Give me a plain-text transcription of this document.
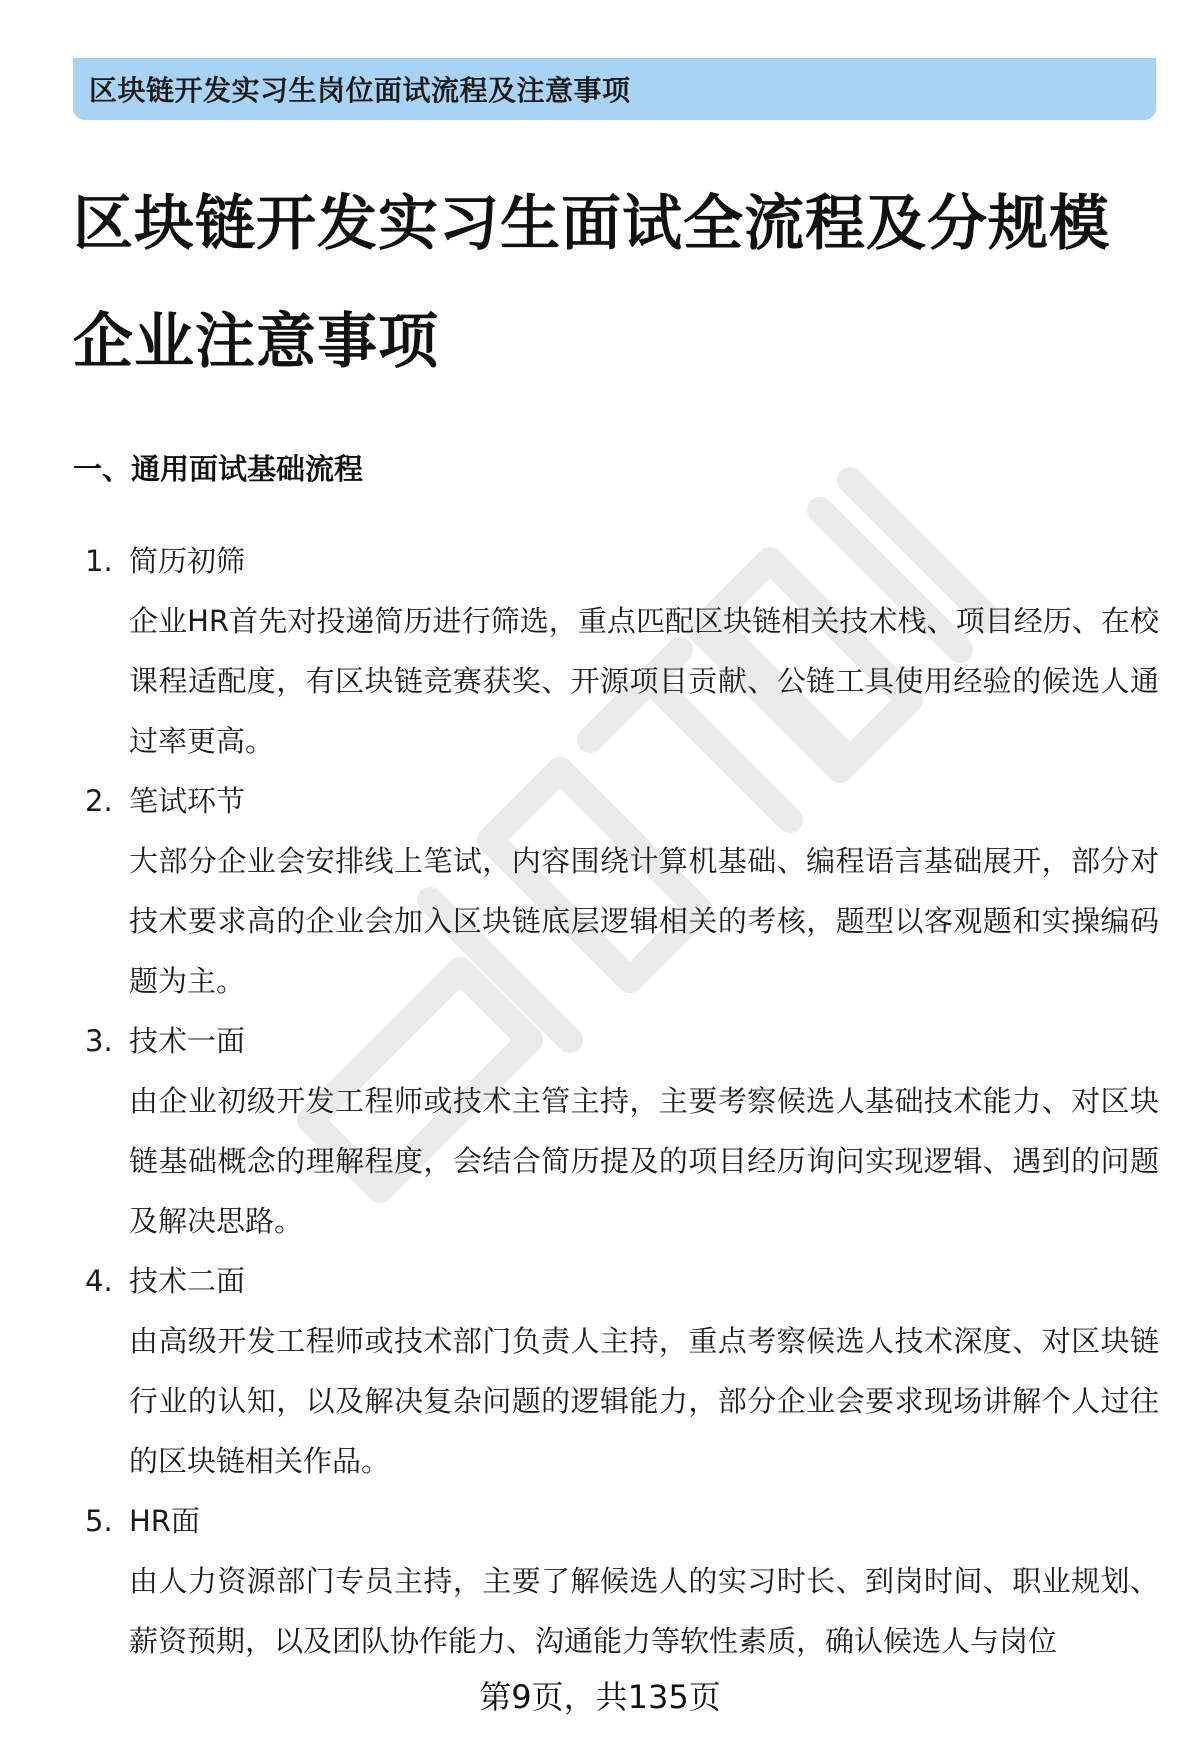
区块链开发实习生岗位面试流程及注意事项
区块链开发实习生面试全流程及分规模企业注意事项
一、通用面试基础流程
1. 简历初筛

企业HR首先对投递简历进行筛选，重点匹配区块链相关技术栈、项目经历、在校课程适配度，有区块链竞赛获奖、开源项目贡献、公链工具使用经验的候选人通过率更高。

2. 笔试环节

大部分企业会安排线上笔试，内容围绕计算机基础、编程语言基础展开，部分对技术要求高的企业会加入区块链底层逻辑相关的考核，题型以客观题和实操编码题为主。

3. 技术一面

由企业初级开发工程师或技术主管主持，主要考察候选人基础技术能力、对区块链基础概念的理解程度，会结合简历提及的项目经历询问实现逻辑、遇到的问题及解决思路。

4. 技术二面

由高级开发工程师或技术部门负责人主持，重点考察候选人技术深度、对区块链行业的认知，以及解决复杂问题的逻辑能力，部分企业会要求现场讲解个人过往的区块链相关作品。

5. HR面

由人力资源部门专员主持，主要了解候选人的实习时长、到岗时间、职业规划、薪资预期，以及团队协作能力、沟通能力等软性素质，确认候选人与岗位

第9页，共135页
